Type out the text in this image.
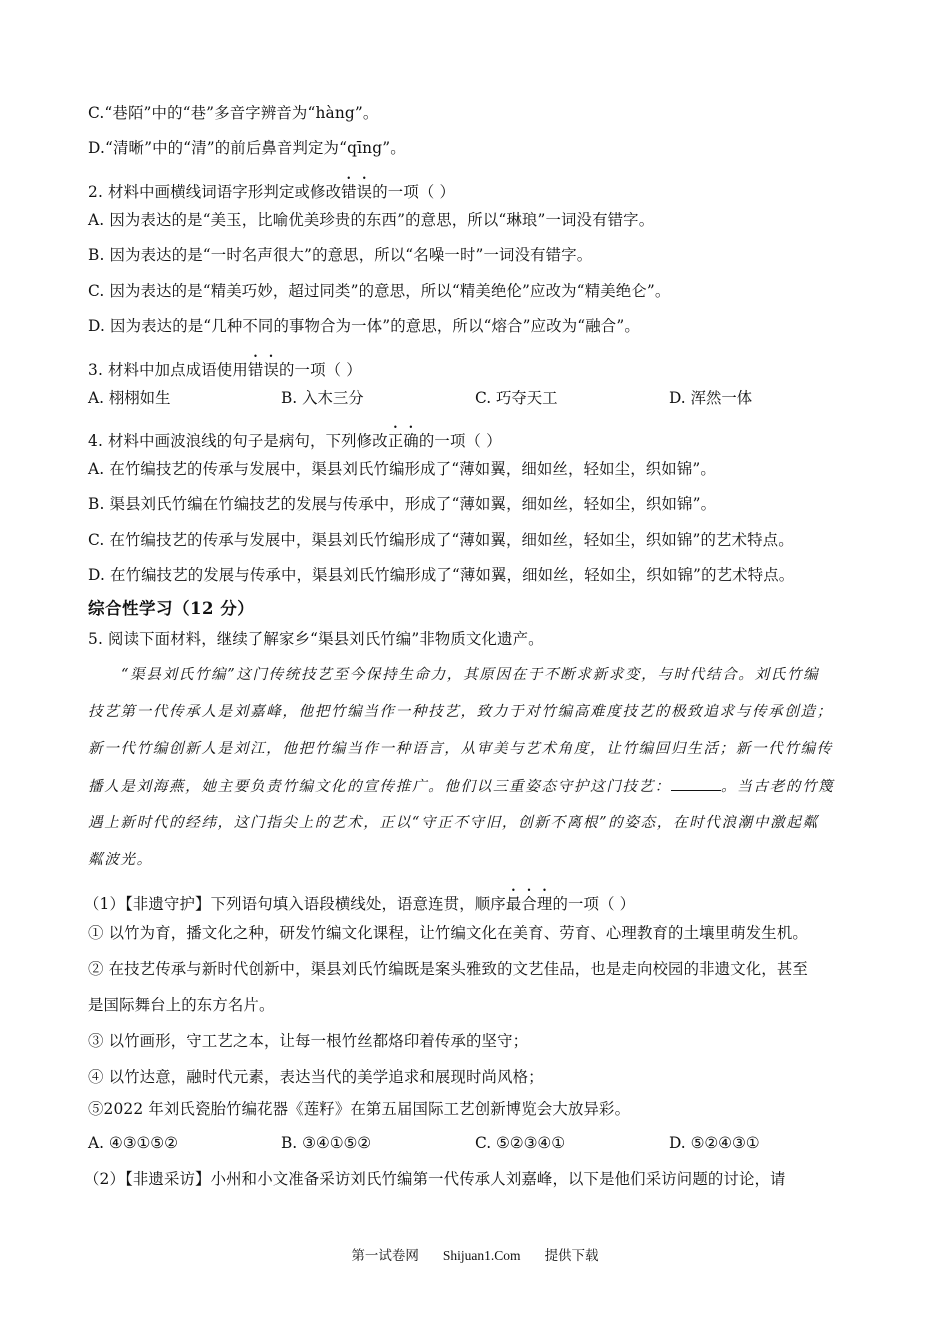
C.“巷陌”中的“巷”多音字辨音为“hàng”。
D.“清晰”中的“清”的前后鼻音判定为“qīng”。
2. 材料中画横线词语字形判定或修改错误的一项（ ）
A. 因为表达的是“美玉，比喻优美珍贵的东西”的意思，所以“琳琅”一词没有错字。
B. 因为表达的是“一时名声很大”的意思，所以“名噪一时”一词没有错字。
C. 因为表达的是“精美巧妙，超过同类”的意思，所以“精美绝伦”应改为“精美绝仑”。
D. 因为表达的是“几种不同的事物合为一体”的意思，所以“熔合”应改为“融合”。
3. 材料中加点成语使用错误的一项（ ）
A. 栩栩如生	B. 入木三分	C. 巧夺天工	D. 浑然一体
4. 材料中画波浪线的句子是病句，下列修改正确的一项（ ）
A. 在竹编技艺的传承与发展中，渠县刘氏竹编形成了“薄如翼，细如丝，轻如尘，织如锦”。
B. 渠县刘氏竹编在竹编技艺的发展与传承中，形成了“薄如翼，细如丝，轻如尘，织如锦”。
C. 在竹编技艺的传承与发展中，渠县刘氏竹编形成了“薄如翼，细如丝，轻如尘，织如锦”的艺术特点。
D. 在竹编技艺的发展与传承中，渠县刘氏竹编形成了“薄如翼，细如丝，轻如尘，织如锦”的艺术特点。
综合性学习（12 分）
5. 阅读下面材料，继续了解家乡“渠县刘氏竹编”非物质文化遗产。
“渠县刘氏竹编”这门传统技艺至今保持生命力，其原因在于不断求新求变，与时代结合。刘氏竹编
技艺第一代传承人是刘嘉峰，他把竹编当作一种技艺，致力于对竹编高难度技艺的极致追求与传承创造；
新一代竹编创新人是刘江，他把竹编当作一种语言，从审美与艺术角度，让竹编回归生活；新一代竹编传
播人是刘海燕，她主要负责竹编文化的宣传推广。他们以三重姿态守护这门技艺：	。当古老的竹篾
遇上新时代的经纬，这门指尖上的艺术，正以“守正不守旧，创新不离根”的姿态，在时代浪潮中激起粼
粼波光。
（1）【非遗守护】下列语句填入语段横线处，语意连贯，顺序最合理的一项（ ）
① 以竹为育，播文化之种，研发竹编文化课程，让竹编文化在美育、劳育、心理教育的土壤里萌发生机。
② 在技艺传承与新时代创新中，渠县刘氏竹编既是案头雅致的文艺佳品，也是走向校园的非遗文化，甚至
是国际舞台上的东方名片。
③ 以竹画形，守工艺之本，让每一根竹丝都烙印着传承的坚守；
④ 以竹达意，融时代元素，表达当代的美学追求和展现时尚风格；
⑤2022 年刘氏瓷胎竹编花器《莲籽》在第五届国际工艺创新博览会大放异彩。
A. ④③①⑤②	B. ③④①⑤②	C. ⑤②③④①	D. ⑤②④③①
（2）【非遗采访】小州和小文准备采访刘氏竹编第一代传承人刘嘉峰，以下是他们采访问题的讨论，请
第一试卷网 Shijuan1.Com 提供下载
